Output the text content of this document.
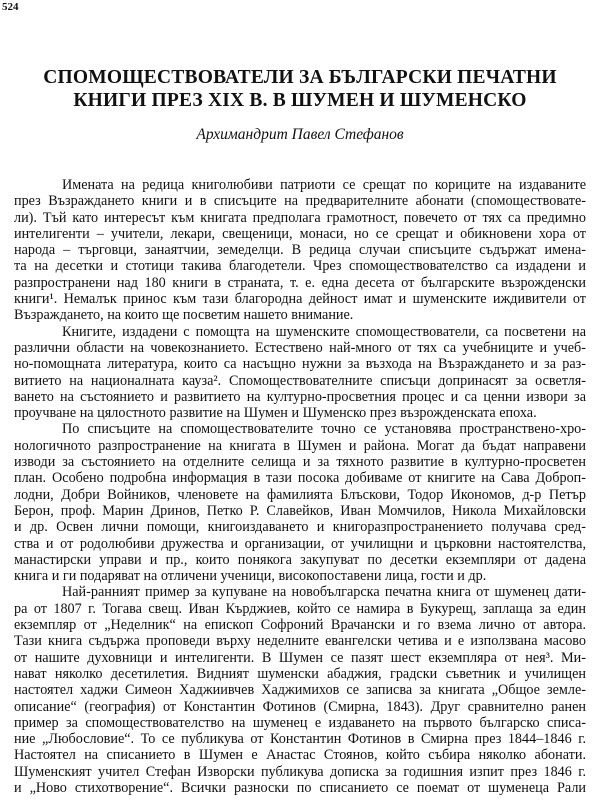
524
СПОМОЩЕСТВОВАТЕЛИ ЗА БЪЛГАРСКИ ПЕЧАТНИ
КНИГИ ПРЕЗ XIX В. В ШУМЕН И ШУМЕНСКО
Архимандрит Павел Стефанов
Имената на редица книголюбиви патриоти се срещат по кориците на издаваните
през Възраждането книги и в списъците на предварителните абонати (спомоществовате-
ли). Тъй като интересът към книгата предполага грамотност, повечето от тях са предимно
интелигенти – учители, лекари, свещеници, монаси, но се срещат и обикновени хора от
народа – търговци, занаятчии, земеделци. В редица случаи списъците съдържат имена-
та на десетки и стотици такива благодетели. Чрез спомоществователство са издадени и
разпространени над 180 книги в страната, т. е. една десета от българските възрожденски
книги¹. Немалък принос към тази благородна дейност имат и шуменските иждивители от
Възраждането, на които ще посветим нашето внимание.
Книгите, издадени с помощта на шуменските спомоществователи, са посветени на
различни области на човекознанието. Естествено най-много от тях са учебниците и учеб-
но-помощната литература, които са насъщно нужни за възхода на Възраждането и за раз-
витието на националната кауза². Спомоществователните списъци допринасят за осветля-
ването на състоянието и развитието на културно-просветния процес и са ценни извори за
проучване на цялостното развитие на Шумен и Шуменско през възрожденската епоха.
По списъците на спомоществователите точно се установява пространствено-хро-
нологичното разпространение на книгата в Шумен и района. Могат да бъдат направени
изводи за състоянието на отделните селища и за тяхното развитие в културно-просветен
план. Особено подробна информация в тази посока добиваме от книгите на Сава Доброп-
лодни, Добри Войников, членовете на фамилията Блъскови, Тодор Икономов, д-р Петър
Берон, проф. Марин Дринов, Петко Р. Славейков, Иван Момчилов, Никола Михайловски
и др. Освен лични помощи, книгоиздаването и книгоразпространението получава сред-
ства и от родолюбиви дружества и организации, от училищни и църковни настоятелства,
манастирски управи и пр., които понякога закупуват по десетки екземпляри от дадена
книга и ги подаряват на отличени ученици, високопоставени лица, гости и др.
Най-ранният пример за купуване на новобългарска печатна книга от шуменец дати-
ра от 1807 г. Тогава свещ. Иван Кърджиев, който се намира в Букурещ, заплаща за един
екземпляр от „Неделник“ на епископ Софроний Врачански и го взема лично от автора.
Тази книга съдържа проповеди върху неделните евангелски четива и е използвана масово
от нашите духовници и интелигенти. В Шумен се пазят шест екземпляра от нея³. Ми-
нават няколко десетилетия. Видният шуменски абаджия, градски съветник и училищен
настоятел хаджи Симеон Хаджиивчев Хаджимихов се записва за книгата „Общое земле-
описание“ (география) от Константин Фотинов (Смирна, 1843). Друг сравнително ранен
пример за спомоществователство на шуменец е издаването на първото българско списа-
ние „Любословие“. То се публикува от Константин Фотинов в Смирна през 1844–1846 г.
Настоятел на списанието в Шумен е Анастас Стоянов, който събира няколко абонати.
Шуменският учител Стефан Изворски публикува дописка за годишния изпит през 1846 г.
и „Ново стихотворение“. Всички разноски по списанието се поемат от шуменеца Рали
